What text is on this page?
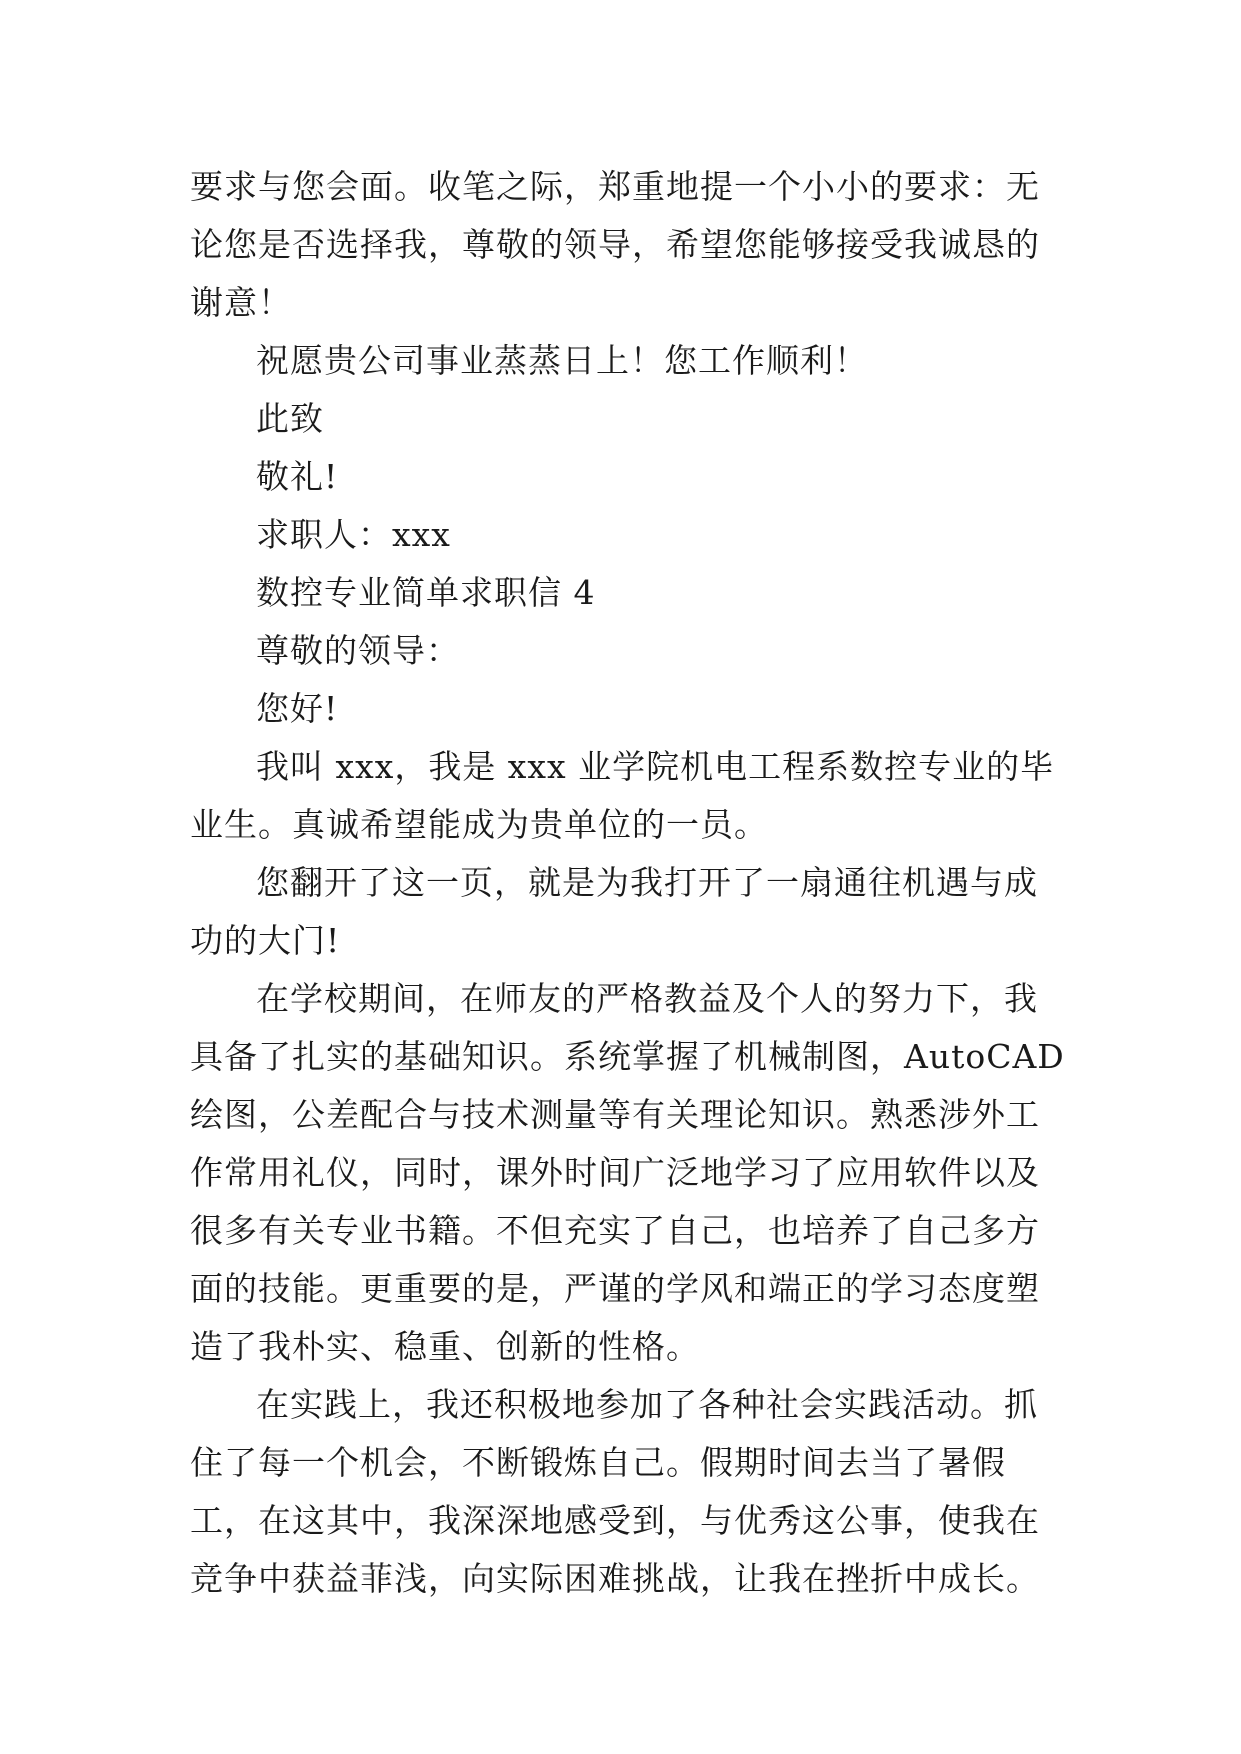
要求与您会面。收笔之际，郑重地提一个小小的要求：无论您是否选择我，尊敬的领导，希望您能够接受我诚恳的谢意！

祝愿贵公司事业蒸蒸日上！您工作顺利！

此致

敬礼!

求职人：xxx

数控专业简单求职信 4

尊敬的领导：

您好!

我叫 xxx，我是 xxx 业学院机电工程系数控专业的毕业生。真诚希望能成为贵单位的一员。

您翻开了这一页，就是为我打开了一扇通往机遇与成功的大门!

在学校期间，在师友的严格教益及个人的努力下，我具备了扎实的基础知识。系统掌握了机械制图，AutoCAD 绘图，公差配合与技术测量等有关理论知识。熟悉涉外工作常用礼仪，同时，课外时间广泛地学习了应用软件以及很多有关专业书籍。不但充实了自己，也培养了自己多方面的技能。更重要的是，严谨的学风和端正的学习态度塑造了我朴实、稳重、创新的性格。

在实践上，我还积极地参加了各种社会实践活动。抓住了每一个机会，不断锻炼自己。假期时间去当了暑假工，在这其中，我深深地感受到，与优秀这公事，使我在竞争中获益菲浅，向实际困难挑战，让我在挫折中成长。
